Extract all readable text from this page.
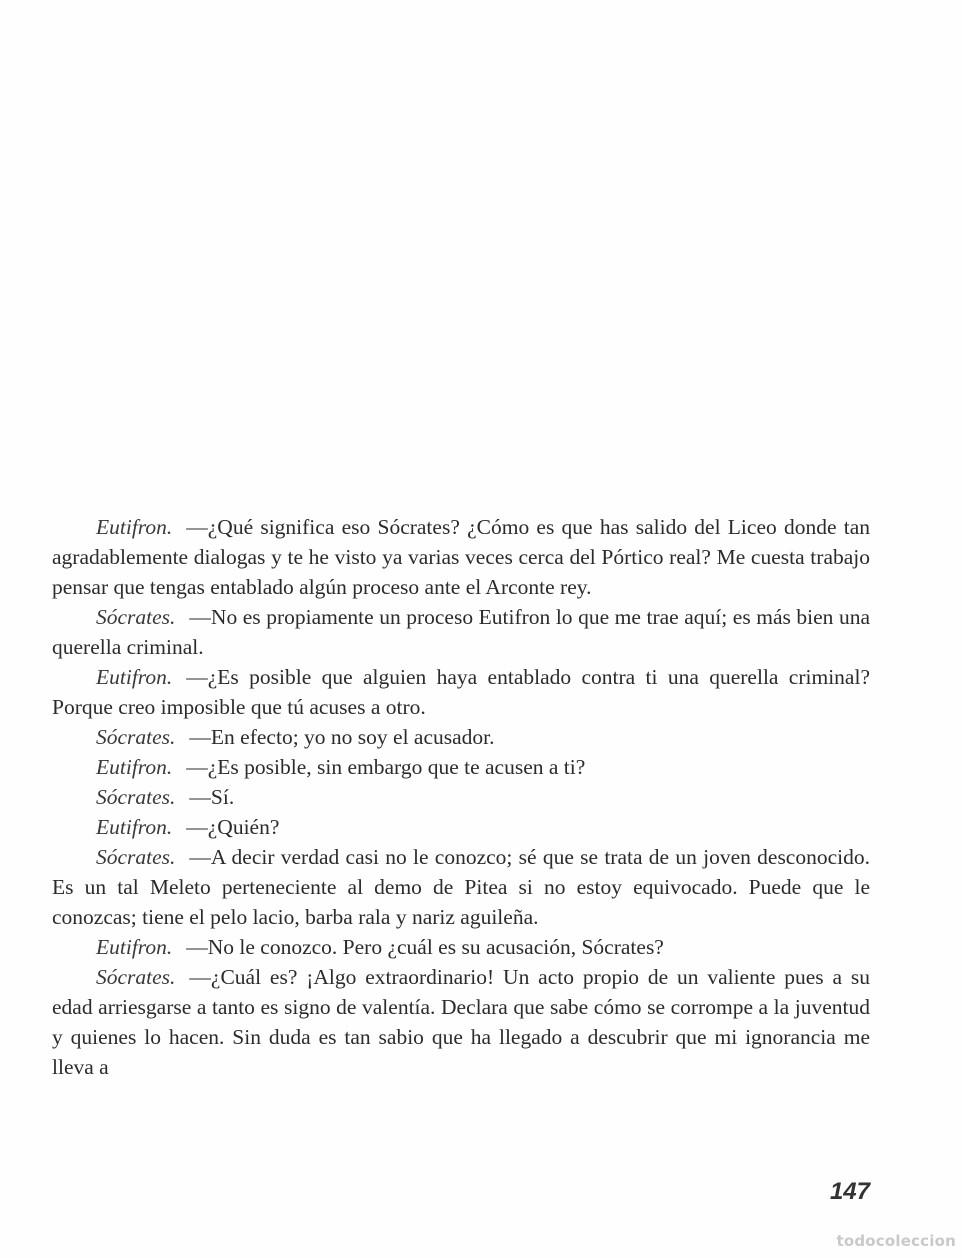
Eutifron. —¿Qué significa eso Sócrates? ¿Cómo es que has salido del Liceo donde tan agradablemente dialogas y te he visto ya varias veces cerca del Pórtico real? Me cuesta trabajo pensar que tengas entablado algún proceso ante el Arconte rey.

Sócrates. —No es propiamente un proceso Eutifron lo que me trae aquí; es más bien una querella criminal.

Eutifron. —¿Es posible que alguien haya entablado contra ti una querella criminal? Porque creo imposible que tú acuses a otro.

Sócrates. —En efecto; yo no soy el acusador.

Eutifron. —¿Es posible, sin embargo que te acusen a ti?

Sócrates. —Sí.

Eutifron. —¿Quién?

Sócrates. —A decir verdad casi no le conozco; sé que se trata de un joven desconocido. Es un tal Meleto perteneciente al demo de Pitea si no estoy equivocado. Puede que le conozcas; tiene el pelo lacio, barba rala y nariz aguileña.

Eutifron. —No le conozco. Pero ¿cuál es su acusación, Sócrates?

Sócrates. —¿Cuál es? ¡Algo extraordinario! Un acto propio de un valiente pues a su edad arriesgarse a tanto es signo de valentía. Declara que sabe cómo se corrompe a la juventud y quienes lo hacen. Sin duda es tan sabio que ha llegado a descubrir que mi ignorancia me lleva a

147
todocoleccion
